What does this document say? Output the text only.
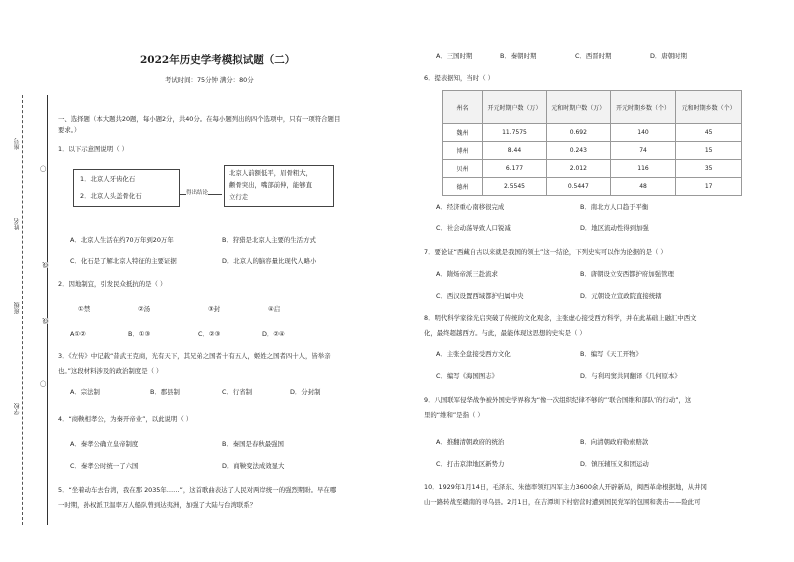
座号
姓名
班级
学校
〇
〇
线
线
2022年历史学考模拟试题（二）
考试时间：75分钟 满分：80分
一、选择题（本大题共20题，每小题2分，共40分。在每小题列出的四个选项中，只有一项符合题目
要求。）
1．以下示意图说明（ ）
1．北京人牙齿化石
2．北京人头盖骨化石	得出结论
北京人前额低平，眉骨粗大，
颧骨突出，嘴部前伸，能够直
立行走
A．北京人生活在约70万年到20万年	B．狩猎是北京人主要的生活方式
C．化石是了解北京人特征的主要证据	D．北京人的脑容量比现代人略小
2．因地制宜，引发民众抵抗的是（ ）
①禁	②汤	③封	④启
A①②	B．①③	C．②③	D．②④
3．《左传》中记载“昔武王克商，光有天下，其兄弟之国者十有五人，姬姓之国者四十人，皆举亲
也。”这段材料涉及的政治制度是（ ）
A．宗法制	B．郡县制	C．行省制	D．分封制
4．“商鞅相孝公，为秦开帝业”，以此说明（ ）
A．秦孝公确立皇帝制度	B．秦国是春秋最强国
C．秦孝公时统一了六国	D．商鞅变法成效显大
5．“坐着动车去台湾，我在那 2035年……”，这首歌曲表达了人民对两岸统一的强烈期盼。早在哪
一时期，孙权派卫温率万人船队曾到达夷洲，加强了大陆与台湾联系？
A．三国时期	B．秦朝时期	C．西晋时期	D．唐朝时期
6．提表据知，当时（ ）
州名	开元时期户数（万）	元和时期户数（万）	开元时期乡数（个）	元和时期乡数（个）
魏州	11.7575	0.692	140	45
博州	8.44	0.243	74	15
贝州	6.177	2.012	116	35
德州	2.5545	0.5447	48	17
A．经济重心南移很完成	B．南北方人口趋于平衡
C．社会动荡导致人口锐减	D．地区流动性得到加强
7．要论证“西藏自古以来就是我国的领土”这一结论，下列史实可以作为论据的是（ ）
A．隋炀帝派三赴流求	B．唐朝设立安西都护府加强管理
C．西汉设置西域都护归属中央	D．元朝设立宣政院直接统辖
8．明代科学家徐光启突破了传统的文化观念，主张虚心接受西方科学，并在此基础上融汇中西文
化，最终超越西方。与此，最能体现这思想的史实是（ ）
A．主张全盘接受西方文化	B．编写《天工开物》
C．编写《海国图志》	D．与利玛窦共同翻译《几何原本》
9．八国联军侵华战争被外国史学界称为“像一次组织纪律不够的”‘联合国维和部队’的行动”，这
里的“维和”是指（ ）
A．推翻清朝政府的统治	B．向清朝政府勒索赔款
C．打击京津地区新势力	D．镇压辅压义和团运动
10．1929年1月14日，毛泽东、朱德率领红四军主力3600余人开辟新局，闽西革命根据地，从井冈
山一路转战至赣南的寻乌县。2月1日，在吉潭圳下村宿营时遭到国民党军的包围和袭击——险此可
